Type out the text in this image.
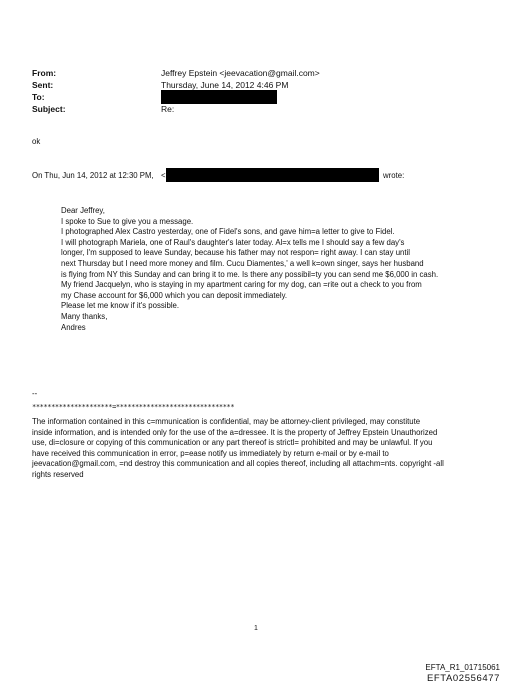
From:
Sent:
To:
Subject:
Jeffrey Epstein <jeevacation@gmail.com>
Thursday, June 14, 2012 4:46 PM
Re:
ok
On Thu, Jun 14, 2012 at 12:30 PM, <	wrote:
Dear Jeffrey,
I spoke to Sue to give you a message.
I photographed Alex Castro yesterday, one of Fidel's sons, and gave him=a letter to give to Fidel.
I will photograph Mariela, one of Raul's daughter's later today. Al=x tells me I should say a few day's
longer, I'm supposed to leave Sunday, because his father may not respon= right away. I can stay until
next Thursday but I need more money and film. Cucu Diamentes,' a well k=own singer, says her husband
is flying from NY this Sunday and can bring it to me. Is there any possibil=ty you can send me $6,000 in cash.
My friend Jacquelyn, who is staying in my apartment caring for my dog, can =rite out a check to you from
my Chase account for $6,000 which you can deposit immediately.
Please let me know if it's possible.
Many thanks,
Andres
--
*********************=*******************************
The information contained in this c=mmunication is confidential, may be attorney-client privileged, may constitute
inside information, and is intended only for the use of the a=dressee. It is the property of Jeffrey Epstein Unauthorized
use, di=closure or copying of this communication or any part thereof is strictl= prohibited and may be unlawful. If you
have received this communication in error, p=ease notify us immediately by return e-mail or by e-mail to
jeevacation@gmail.com, =nd destroy this communication and all copies thereof, including all attachm=nts. copyright -all
rights reserved
1
EFTA_R1_01715061
EFTA02556477
